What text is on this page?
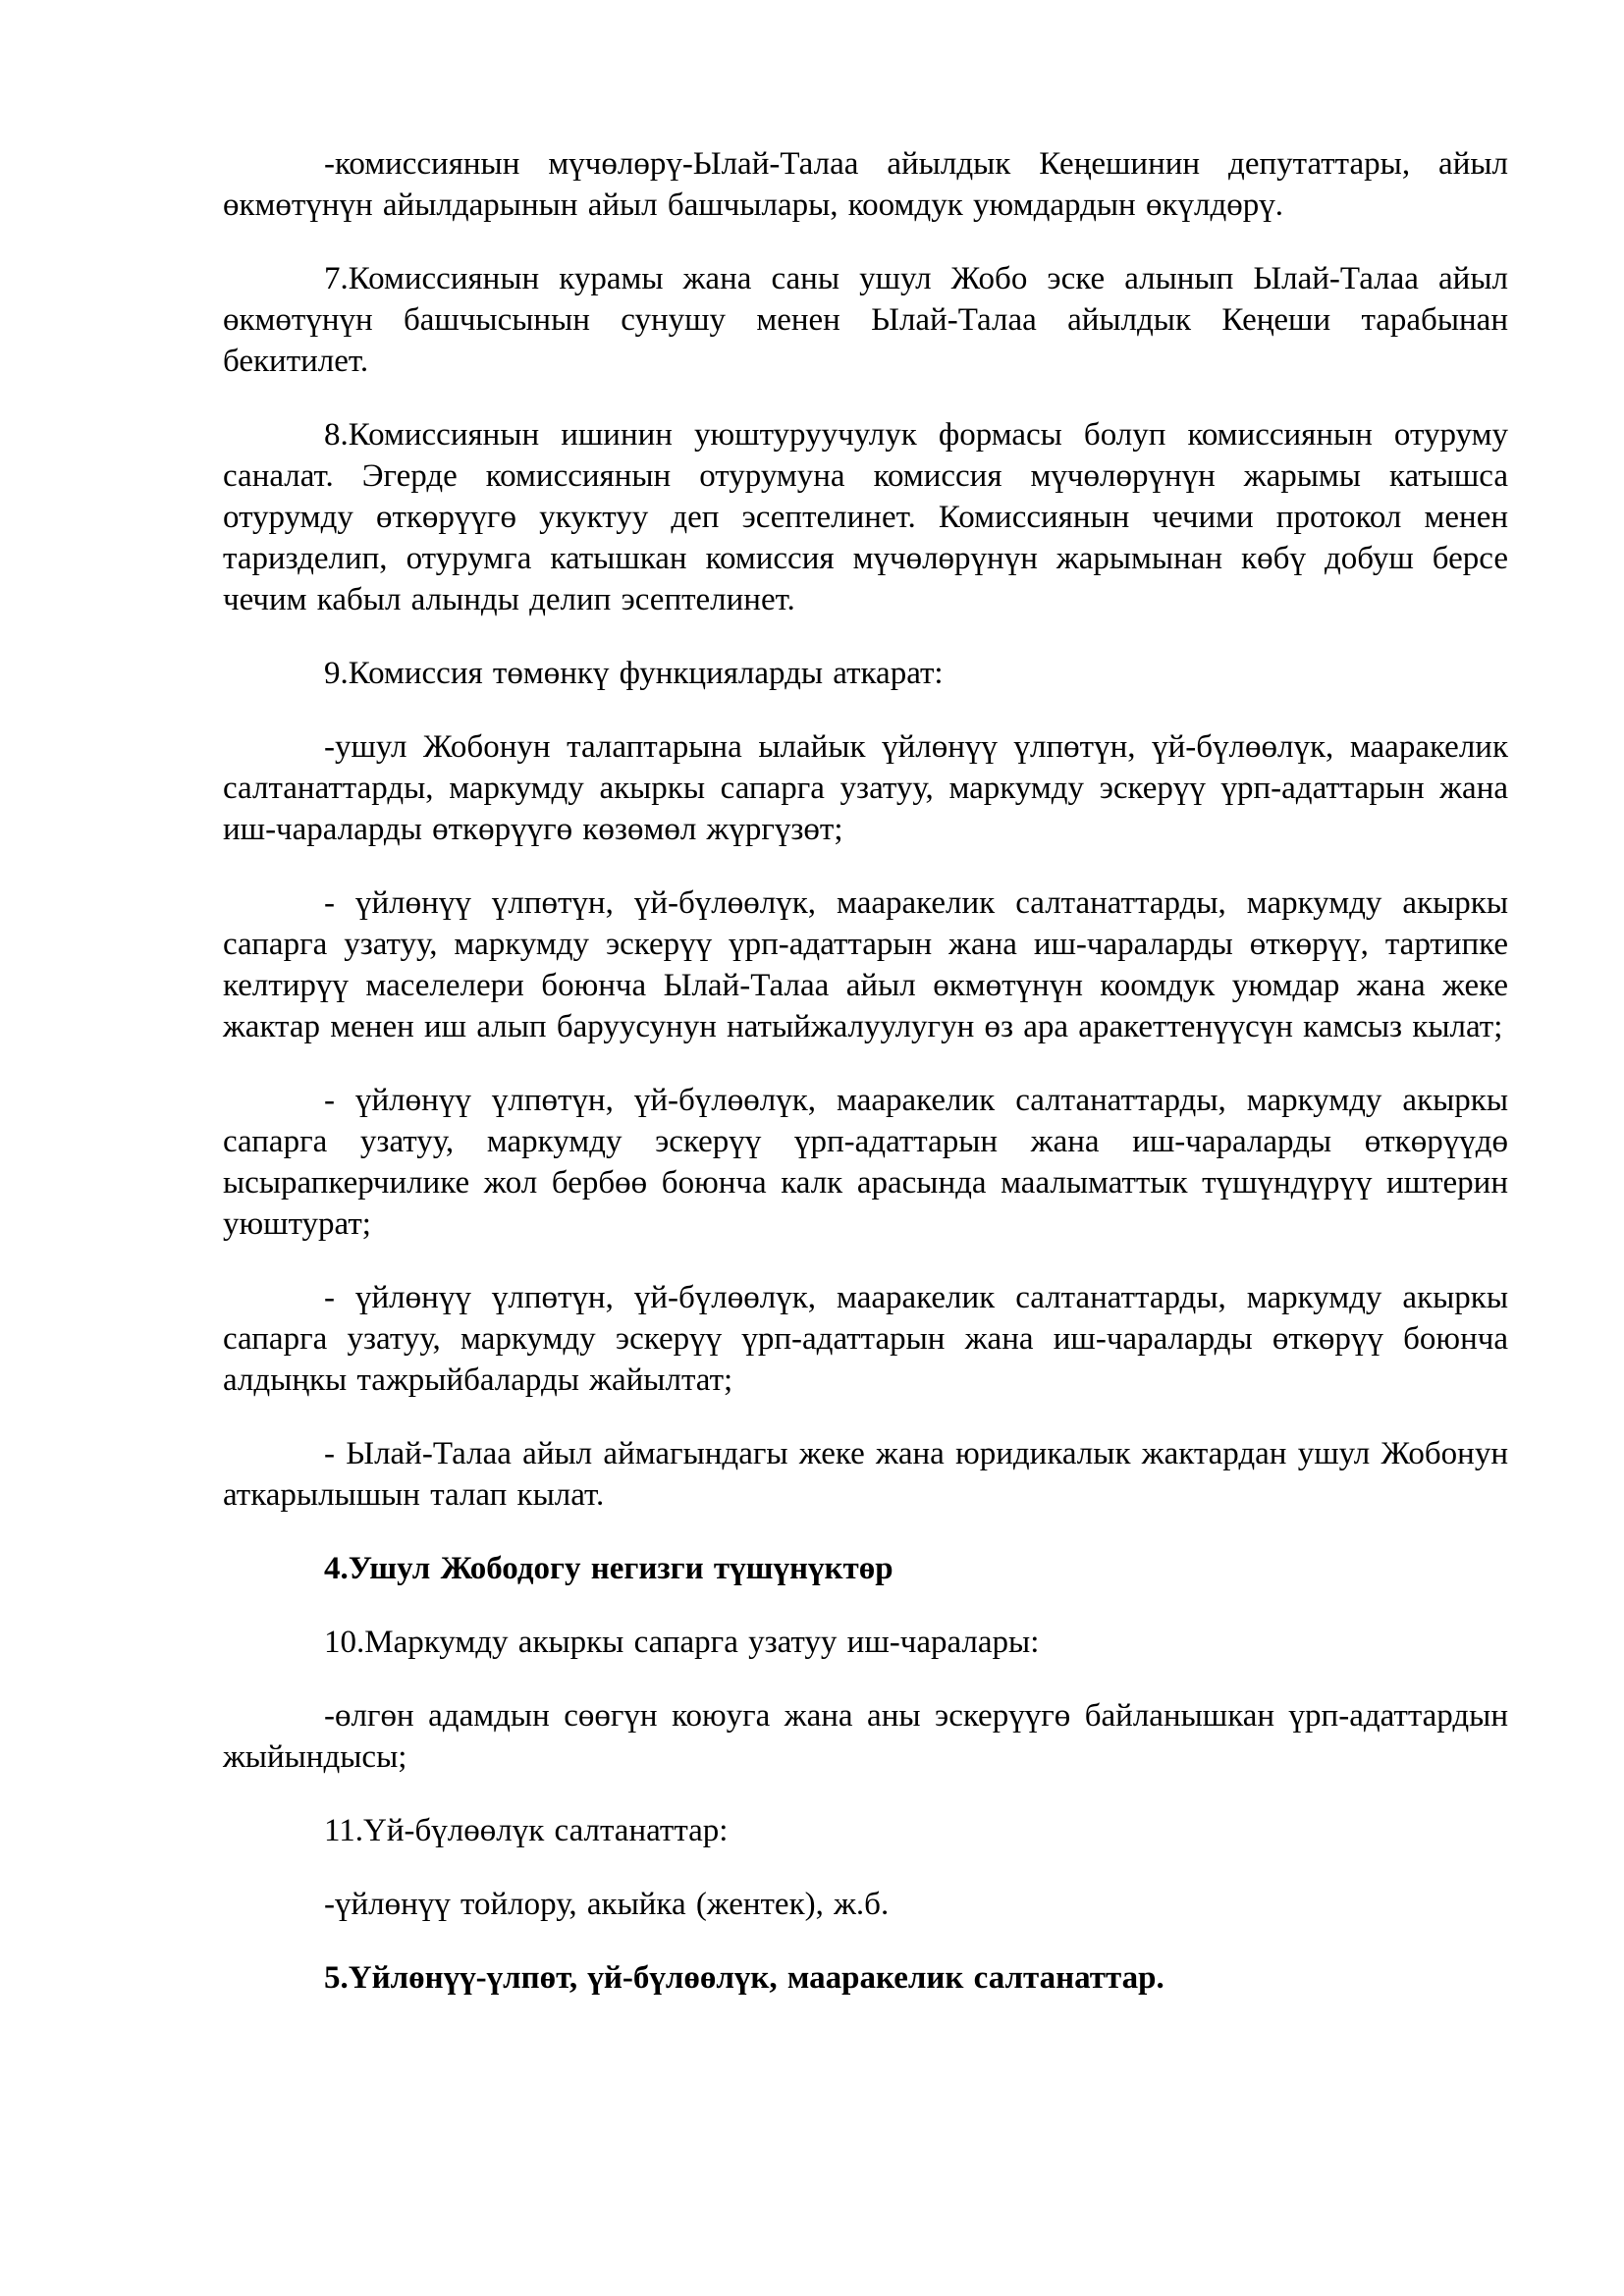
-комиссиянын мүчөлөрү-Ылай-Талаа айылдык Кеңешинин депутаттары, айыл өкмөтүнүн айылдарынын айыл башчылары, коомдук уюмдардын өкүлдөрү.

7.Комиссиянын курамы жана саны ушул Жобо эске алынып Ылай-Талаа айыл өкмөтүнүн башчысынын сунушу менен Ылай-Талаа айылдык Кеңеши тарабынан бекитилет.

8.Комиссиянын ишинин уюштуруучулук формасы болуп комиссиянын отуруму саналат. Эгерде комиссиянын отурумуна комиссия мүчөлөрүнүн жарымы катышса отурумду өткөрүүгө укуктуу деп эсептелинет. Комиссиянын чечими протокол менен таризделип, отурумга катышкан комиссия мүчөлөрүнүн жарымынан көбү добуш берсе чечим кабыл алынды делип эсептелинет.

9.Комиссия төмөнкү функцияларды аткарат:

-ушул Жобонун талаптарына ылайык үйлөнүү үлпөтүн, үй-бүлөөлүк, мааракелик салтанаттарды, маркумду акыркы сапарга узатуу, маркумду эскерүү үрп-адаттарын жана иш-чараларды өткөрүүгө көзөмөл жүргүзөт;

- үйлөнүү үлпөтүн, үй-бүлөөлүк, мааракелик салтанаттарды, маркумду акыркы сапарга узатуу, маркумду эскерүү үрп-адаттарын жана иш-чараларды өткөрүү, тартипке келтирүү маселелери боюнча Ылай-Талаа айыл өкмөтүнүн коомдук уюмдар жана жеке жактар менен иш алып баруусунун натыйжалуулугун өз ара аракеттенүүсүн камсыз кылат;

- үйлөнүү үлпөтүн, үй-бүлөөлүк, мааракелик салтанаттарды, маркумду акыркы сапарга узатуу, маркумду эскерүү үрп-адаттарын жана иш-чараларды өткөрүүдө ысырапкерчилике жол бербөө боюнча калк арасында маалыматтык түшүндүрүү иштерин уюштурат;

- үйлөнүү үлпөтүн, үй-бүлөөлүк, мааракелик салтанаттарды, маркумду акыркы сапарга узатуу, маркумду эскерүү үрп-адаттарын жана иш-чараларды өткөрүү боюнча алдыңкы тажрыйбаларды жайылтат;

- Ылай-Талаа айыл аймагындагы жеке жана юридикалык жактардан ушул Жобонун аткарылышын талап кылат.

4.Ушул Жободогу негизги түшүнүктөр

10.Маркумду акыркы сапарга узатуу иш-чаралары:

-өлгөн адамдын сөөгүн коюуга жана аны эскерүүгө байланышкан үрп-адаттардын жыйындысы;

11.Үй-бүлөөлүк салтанаттар:

-үйлөнүү тойлору, акыйка (жентек), ж.б.

5.Үйлөнүү-үлпөт, үй-бүлөөлүк, мааракелик салтанаттар.
